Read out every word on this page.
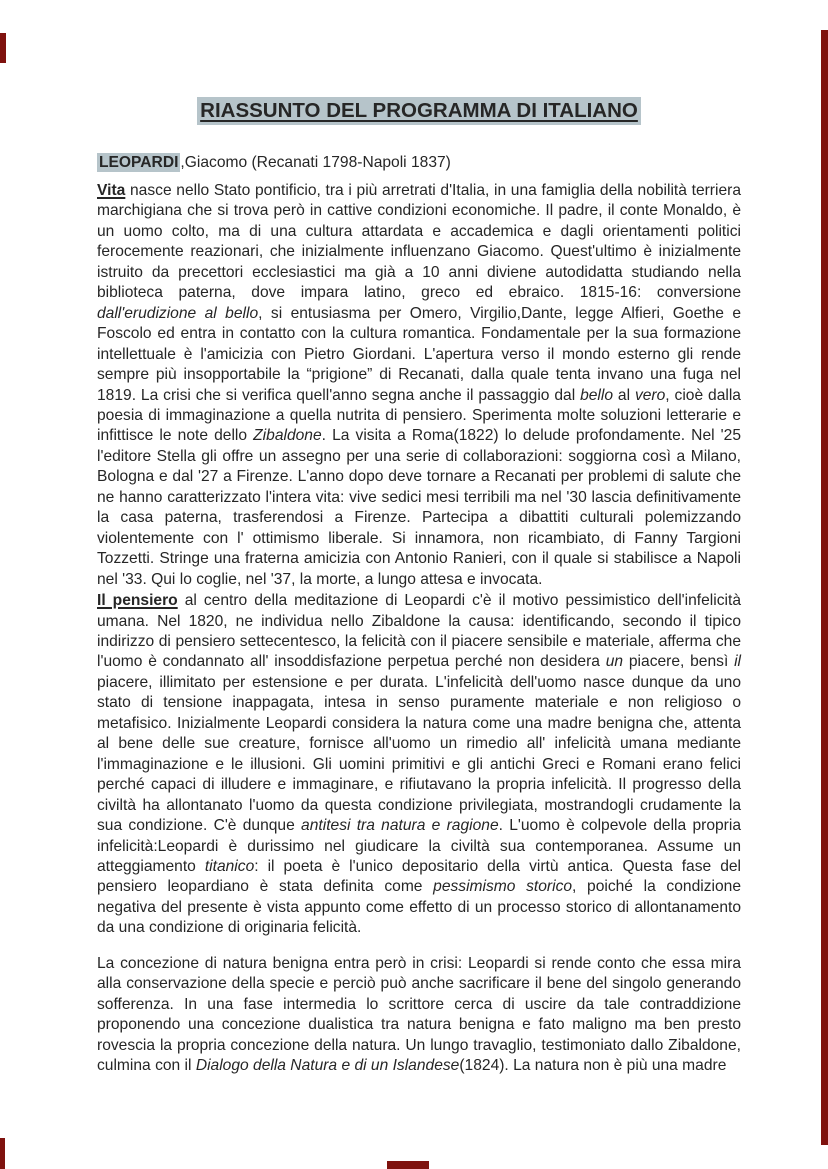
RIASSUNTO DEL PROGRAMMA DI ITALIANO

LEOPARDI ,Giacomo (Recanati 1798-Napoli 1837)

Vita nasce nello Stato pontificio, tra i più arretrati d'Italia, in una famiglia della nobilità terriera marchigiana che si trova però in cattive condizioni economiche. Il padre, il conte Monaldo, è un uomo colto, ma di una cultura attardata e accademica e dagli orientamenti politici ferocemente reazionari, che inizialmente influenzano Giacomo. Quest'ultimo è inizialmente istruito da precettori ecclesiastici ma già a 10 anni diviene autodidatta studiando nella biblioteca paterna, dove impara latino, greco ed ebraico. 1815-16: conversione dall'erudizione al bello, si entusiasma per Omero, Virgilio,Dante, legge Alfieri, Goethe e Foscolo ed entra in contatto con la cultura romantica. Fondamentale per la sua formazione intellettuale è l'amicizia con Pietro Giordani. L'apertura verso il mondo esterno gli rende sempre più insopportabile la “prigione” di Recanati, dalla quale tenta invano una fuga nel 1819. La crisi che si verifica quell'anno segna anche il passaggio dal bello al vero, cioè dalla poesia di immaginazione a quella nutrita di pensiero. Sperimenta molte soluzioni letterarie e infittisce le note dello Zibaldone. La visita a Roma(1822) lo delude profondamente. Nel '25 l'editore Stella gli offre un assegno per una serie di collaborazioni: soggiorna così a Milano, Bologna e dal '27 a Firenze. L'anno dopo deve tornare a Recanati per problemi di salute che ne hanno caratterizzato l'intera vita: vive sedici mesi terribili ma nel '30 lascia definitivamente la casa paterna, trasferendosi a Firenze. Partecipa a dibattiti culturali polemizzando violentemente con l' ottimismo liberale. Si innamora, non ricambiato, di Fanny Targioni Tozzetti. Stringe una fraterna amicizia con Antonio Ranieri, con il quale si stabilisce a Napoli nel '33. Qui lo coglie, nel '37, la morte, a lungo attesa e invocata.

Il pensiero al centro della meditazione di Leopardi c'è il motivo pessimistico dell'infelicità umana. Nel 1820, ne individua nello Zibaldone la causa: identificando, secondo il tipico indirizzo di pensiero settecentesco, la felicità con il piacere sensibile e materiale, afferma che l'uomo è condannato all' insoddisfazione perpetua perché non desidera un piacere, bensì il piacere, illimitato per estensione e per durata. L'infelicità dell'uomo nasce dunque da uno stato di tensione inappagata, intesa in senso puramente materiale e non religioso o metafisico. Inizialmente Leopardi considera la natura come una madre benigna che, attenta al bene delle sue creature, fornisce all'uomo un rimedio all' infelicità umana mediante l'immaginazione e le illusioni. Gli uomini primitivi e gli antichi Greci e Romani erano felici perché capaci di illudere e immaginare, e rifiutavano la propria infelicità. Il progresso della civiltà ha allontanato l'uomo da questa condizione privilegiata, mostrandogli crudamente la sua condizione. C'è dunque antitesi tra natura e ragione. L'uomo è colpevole della propria infelicità:Leopardi è durissimo nel giudicare la civiltà sua contemporanea. Assume un atteggiamento titanico: il poeta è l'unico depositario della virtù antica. Questa fase del pensiero leopardiano è stata definita come pessimismo storico, poiché la condizione negativa del presente è vista appunto come effetto di un processo storico di allontanamento da una condizione di originaria felicità.

La concezione di natura benigna entra però in crisi: Leopardi si rende conto che essa mira alla conservazione della specie e perciò può anche sacrificare il bene del singolo generando sofferenza. In una fase intermedia lo scrittore cerca di uscire da tale contraddizione proponendo una concezione dualistica tra natura benigna e fato maligno ma ben presto rovescia la propria concezione della natura. Un lungo travaglio, testimoniato dallo Zibaldone, culmina con il Dialogo della Natura e di un Islandese(1824). La natura non è più una madre
